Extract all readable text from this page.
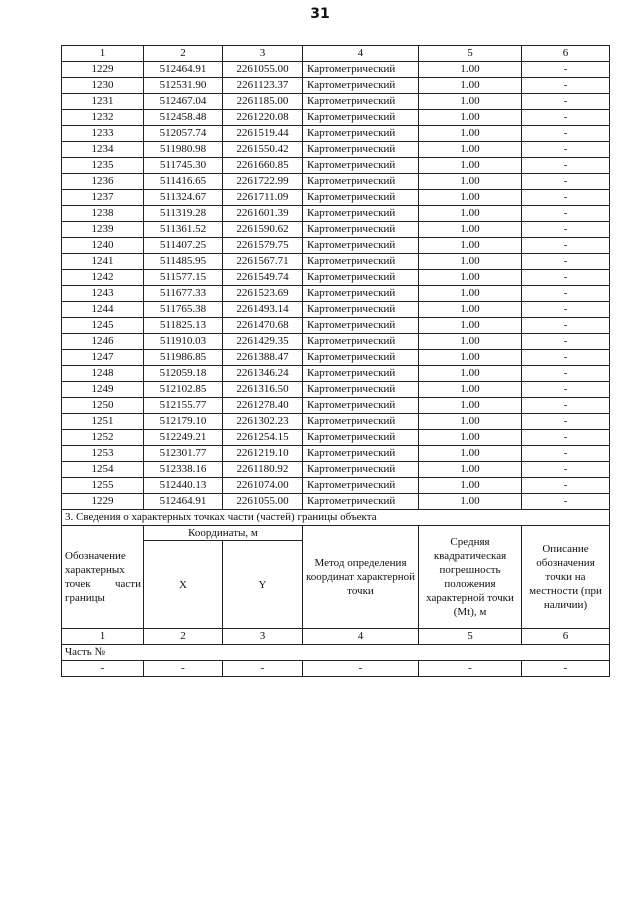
31
1	2	3	4	5	6
1229	512464.91	2261055.00	Картометрический	1.00	-
1230	512531.90	2261123.37	Картометрический	1.00	-
1231	512467.04	2261185.00	Картометрический	1.00	-
1232	512458.48	2261220.08	Картометрический	1.00	-
1233	512057.74	2261519.44	Картометрический	1.00	-
1234	511980.98	2261550.42	Картометрический	1.00	-
1235	511745.30	2261660.85	Картометрический	1.00	-
1236	511416.65	2261722.99	Картометрический	1.00	-
1237	511324.67	2261711.09	Картометрический	1.00	-
1238	511319.28	2261601.39	Картометрический	1.00	-
1239	511361.52	2261590.62	Картометрический	1.00	-
1240	511407.25	2261579.75	Картометрический	1.00	-
1241	511485.95	2261567.71	Картометрический	1.00	-
1242	511577.15	2261549.74	Картометрический	1.00	-
1243	511677.33	2261523.69	Картометрический	1.00	-
1244	511765.38	2261493.14	Картометрический	1.00	-
1245	511825.13	2261470.68	Картометрический	1.00	-
1246	511910.03	2261429.35	Картометрический	1.00	-
1247	511986.85	2261388.47	Картометрический	1.00	-
1248	512059.18	2261346.24	Картометрический	1.00	-
1249	512102.85	2261316.50	Картометрический	1.00	-
1250	512155.77	2261278.40	Картометрический	1.00	-
1251	512179.10	2261302.23	Картометрический	1.00	-
1252	512249.21	2261254.15	Картометрический	1.00	-
1253	512301.77	2261219.10	Картометрический	1.00	-
1254	512338.16	2261180.92	Картометрический	1.00	-
1255	512440.13	2261074.00	Картометрический	1.00	-
1229	512464.91	2261055.00	Картометрический	1.00	-
3. Сведения о характерных точках части (частей) границы объекта					
Обозначение характерных точек части границы	Координаты, м		Метод определения координат характерной точки	Средняя квадратическая погрешность положения характерной точки (Mt), м	Описание обозначения точки на местности (при наличии)
	X	Y			
1	2	3	4	5	6
Часть №					
-	-	-	-	-	-
